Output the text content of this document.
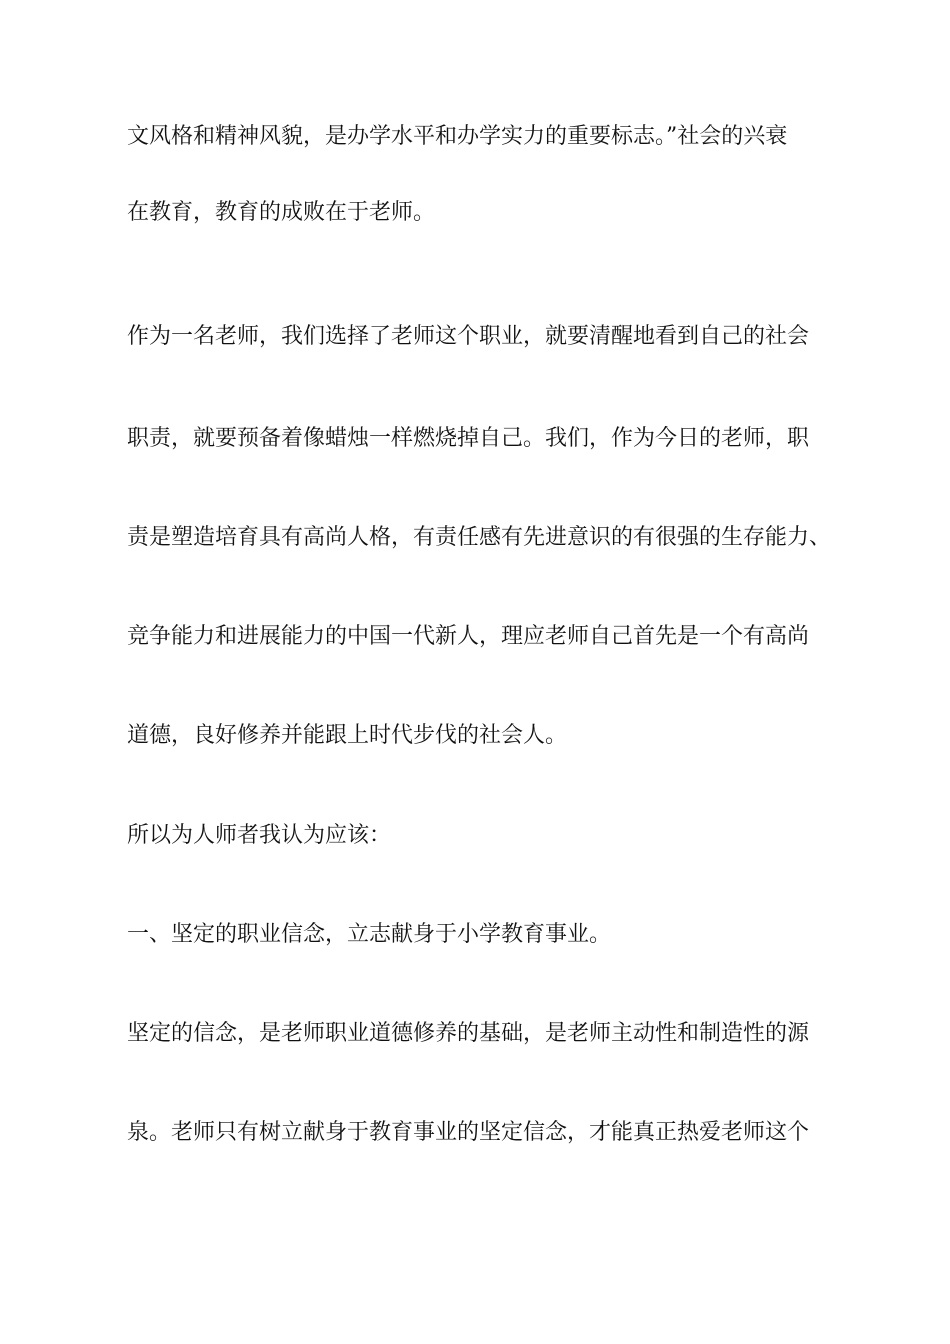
文风格和精神风貌，是办学水平和办学实力的重要标志。”社会的兴衰

在教育，教育的成败在于老师。

作为一名老师，我们选择了老师这个职业，就要清醒地看到自己的社会

职责，就要预备着像蜡烛一样燃烧掉自己。我们，作为今日的老师，职

责是塑造培育具有高尚人格，有责任感有先进意识的有很强的生存能力、

竞争能力和进展能力的中国一代新人，理应老师自己首先是一个有高尚

道德，良好修养并能跟上时代步伐的社会人。

所以为人师者我认为应该：

一、坚定的职业信念，立志献身于小学教育事业。

坚定的信念，是老师职业道德修养的基础，是老师主动性和制造性的源

泉。老师只有树立献身于教育事业的坚定信念，才能真正热爱老师这个
